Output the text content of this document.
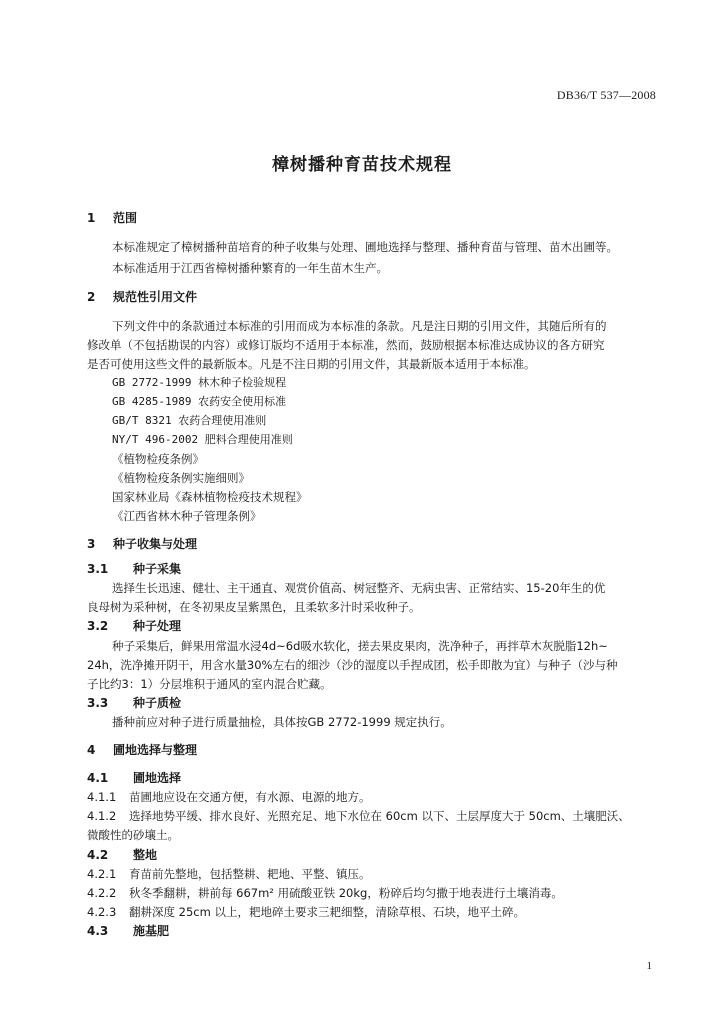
DB36/T 537—2008
樟树播种育苗技术规程
1 范围
本标准规定了樟树播种苗培育的种子收集与处理、圃地选择与整理、播种育苗与管理、苗木出圃等。
本标准适用于江西省樟树播种繁育的一年生苗木生产。
2 规范性引用文件
下列文件中的条款通过本标准的引用而成为本标准的条款。凡是注日期的引用文件，其随后所有的
修改单（不包括勘误的内容）或修订版均不适用于本标准，然而，鼓励根据本标准达成协议的各方研究
是否可使用这些文件的最新版本。凡是不注日期的引用文件，其最新版本适用于本标准。
GB 2772-1999 林木种子检验规程
GB 4285-1989 农药安全使用标准
GB/T 8321 农药合理使用准则
NY/T 496-2002 肥料合理使用准则
《植物检疫条例》
《植物检疫条例实施细则》
国家林业局《森林植物检疫技术规程》
《江西省林木种子管理条例》
3 种子收集与处理
3.1 种子采集
选择生长迅速、健壮、主干通直、观赏价值高、树冠整齐、无病虫害、正常结实、15-20年生的优
良母树为采种树，在冬初果皮呈紫黑色，且柔软多汁时采收种子。
3.2 种子处理
种子采集后，鲜果用常温水浸4d~6d吸水软化，搓去果皮果肉，洗净种子，再拌草木灰脱脂12h~
24h，洗净摊开阴干，用含水量30%左右的细沙（沙的湿度以手捏成团，松手即散为宜）与种子（沙与种
子比约3：1）分层堆积于通风的室内混合贮藏。
3.3 种子质检
播种前应对种子进行质量抽检，具体按GB 2772-1999 规定执行。
4 圃地选择与整理
4.1 圃地选择
4.1.1 苗圃地应设在交通方便，有水源、电源的地方。
4.1.2 选择地势平缓、排水良好、光照充足、地下水位在 60cm 以下、土层厚度大于 50cm、土壤肥沃、
微酸性的砂壤土。
4.2 整地
4.2.1 育苗前先整地，包括整耕、耙地、平整、镇压。
4.2.2 秋冬季翻耕，耕前每 667m² 用硫酸亚铁 20kg，粉碎后均匀撒于地表进行土壤消毒。
4.2.3 翻耕深度 25cm 以上，耙地碎土要求三耙细整，清除草根、石块，地平土碎。
4.3 施基肥
1
